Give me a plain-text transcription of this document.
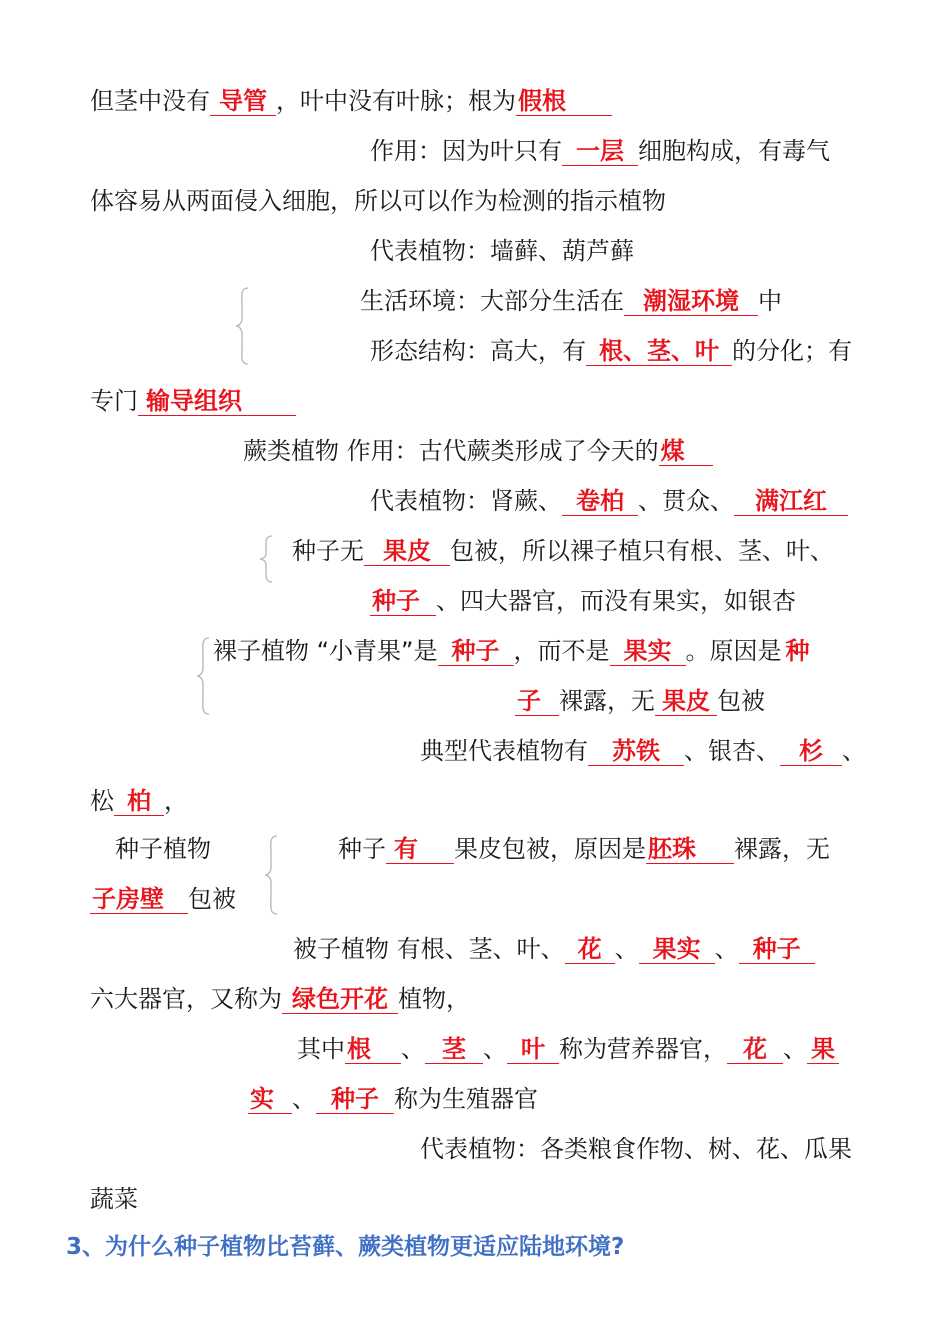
但茎中没有 导管 ，叶中没有叶脉；根为假根
作用：因为叶只有 一层 细胞构成，有毒气
体容易从两面侵入细胞，所以可以作为检测的指示植物
代表植物：墙藓、葫芦藓
生活环境：大部分生活在 潮湿环境 中
形态结构：高大，有 根、茎、叶 的分化；有
专门 输导组织
蕨类植物 作用：古代蕨类形成了今天的煤
代表植物：肾蕨、 卷柏 、贯众、 满江红
种子无 果皮 包被，所以裸子植只有根、茎、叶、
种子 、四大器官，而没有果实，如银杏
裸子植物 “小青果”是 种子 ，而不是 果实 。原因是 种
子 裸露，无 果皮 包被
典型代表植物有 苏铁 、银杏、 杉 、
松 柏 ，
种子植物	种子 有 果皮包被，原因是胚珠 裸露，无
子房壁 包被
被子植物 有根、茎、叶、 花 、 果实 、 种子
六大器官，又称为 绿色开花 植物，
其中根 、 茎 、 叶 称为营养器官， 花 、 果
实 、 种子 称为生殖器官
代表植物：各类粮食作物、树、花、瓜果
蔬菜
3、为什么种子植物比苔藓、蕨类植物更适应陆地环境?
